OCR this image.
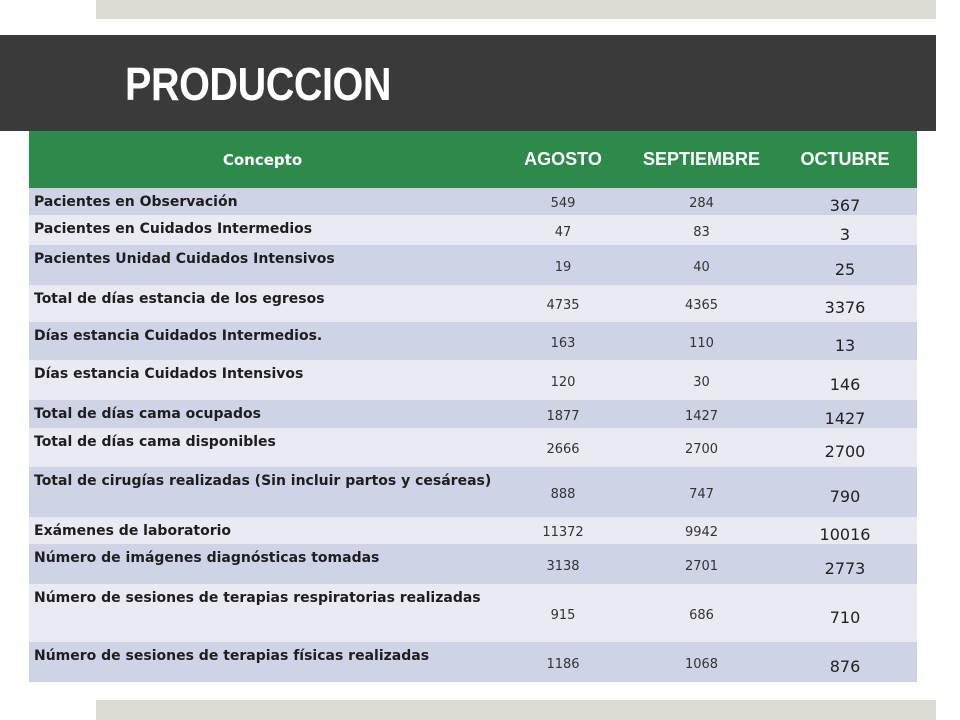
PRODUCCION
Concepto	AGOSTO	SEPTIEMBRE	OCTUBRE
Pacientes en Observación	549	284	367
Pacientes en Cuidados Intermedios	47	83	3
Pacientes Unidad Cuidados Intensivos	19	40	25
Total de días estancia de los egresos	4735	4365	3376
Días estancia Cuidados Intermedios.	163	110	13
Días estancia Cuidados Intensivos	120	30	146
Total de días cama ocupados	1877	1427	1427
Total de días cama disponibles	2666	2700	2700
Total de cirugías realizadas (Sin incluir partos y cesáreas)	888	747	790
Exámenes de laboratorio	11372	9942	10016
Número de imágenes diagnósticas tomadas	3138	2701	2773
Número de sesiones de terapias respiratorias realizadas	915	686	710
Número de sesiones de terapias físicas realizadas	1186	1068	876
